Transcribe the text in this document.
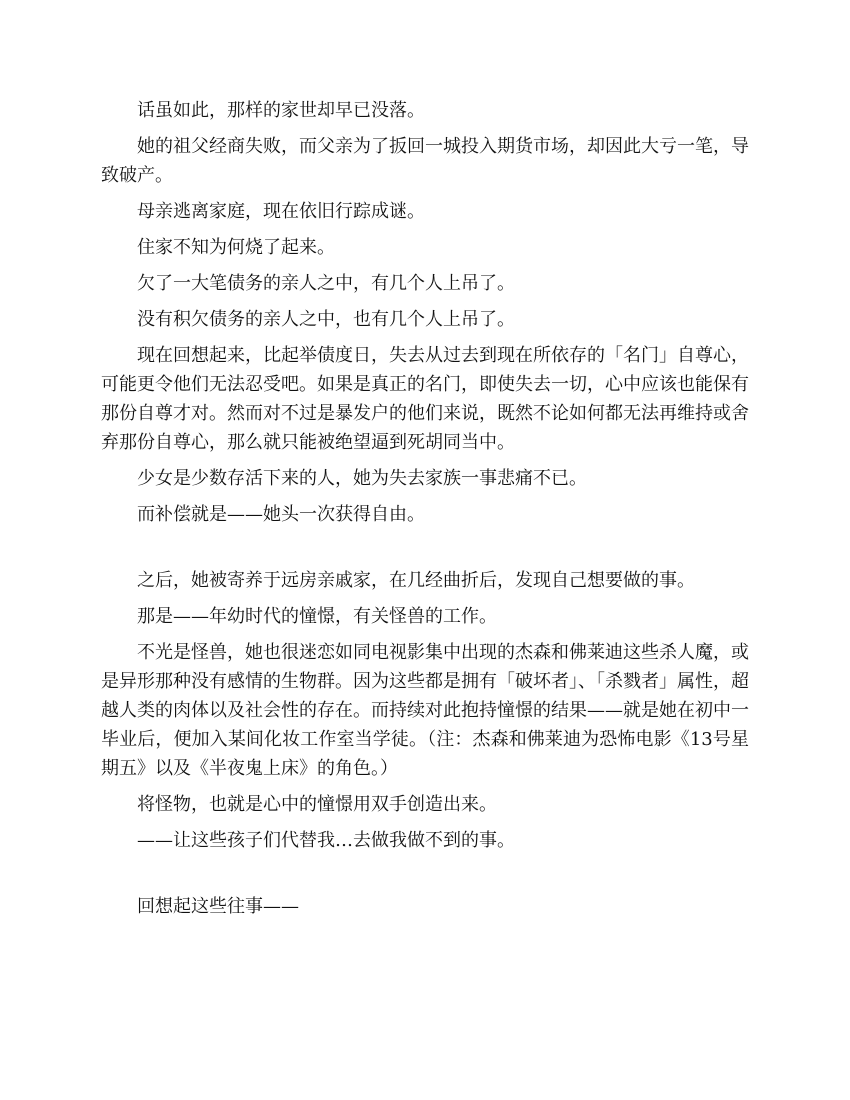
话虽如此，那样的家世却早已没落。

她的祖父经商失败，而父亲为了扳回一城投入期货市场，却因此大亏一笔，导致破产。

母亲逃离家庭，现在依旧行踪成谜。

住家不知为何烧了起来。

欠了一大笔债务的亲人之中，有几个人上吊了。

没有积欠债务的亲人之中，也有几个人上吊了。

现在回想起来，比起举债度日，失去从过去到现在所依存的「名门」自尊心，可能更令他们无法忍受吧。如果是真正的名门，即使失去一切，心中应该也能保有那份自尊才对。然而对不过是暴发户的他们来说，既然不论如何都无法再维持或舍弃那份自尊心，那么就只能被绝望逼到死胡同当中。

少女是少数存活下来的人，她为失去家族一事悲痛不已。

而补偿就是——她头一次获得自由。

之后，她被寄养于远房亲戚家，在几经曲折后，发现自己想要做的事。

那是——年幼时代的憧憬，有关怪兽的工作。

不光是怪兽，她也很迷恋如同电视影集中出现的杰森和佛莱迪这些杀人魔，或是异形那种没有感情的生物群。因为这些都是拥有「破坏者」、「杀戮者」属性，超越人类的肉体以及社会性的存在。而持续对此抱持憧憬的结果——就是她在初中一毕业后，便加入某间化妆工作室当学徒。（注：杰森和佛莱迪为恐怖电影《13号星期五》以及《半夜鬼上床》的角色。）

将怪物，也就是心中的憧憬用双手创造出来。

——让这些孩子们代替我…去做我做不到的事。

回想起这些往事——
